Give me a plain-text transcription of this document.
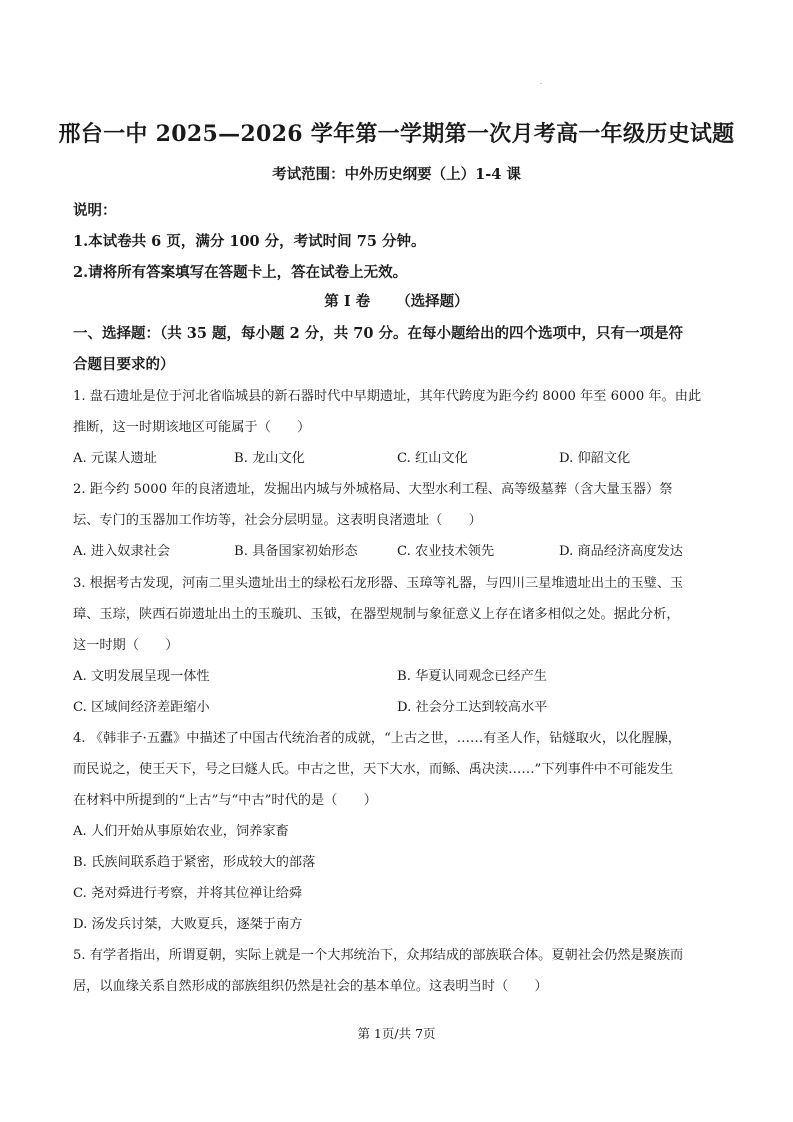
邢台一中 2025—2026 学年第一学期第一次月考高一年级历史试题
考试范围：中外历史纲要（上）1-4 课
说明：
1.本试卷共 6 页，满分 100 分，考试时间 75 分钟。
2.请将所有答案填写在答题卡上，答在试卷上无效。
第 I 卷 （选择题）
一、选择题：（共 35 题，每小题 2 分，共 70 分。在每小题给出的四个选项中，只有一项是符
合题目要求的）
1. 盘石遗址是位于河北省临城县的新石器时代中早期遗址，其年代跨度为距今约 8000 年至 6000 年。由此
推断，这一时期该地区可能属于（　　）
A. 元谋人遗址	B. 龙山文化	C. 红山文化	D. 仰韶文化
2. 距今约 5000 年的良渚遗址，发掘出内城与外城格局、大型水利工程、高等级墓葬（含大量玉器）祭
坛、专门的玉器加工作坊等，社会分层明显。这表明良渚遗址（　　）
A. 进入奴隶社会	B. 具备国家初始形态	C. 农业技术领先	D. 商品经济高度发达
3. 根据考古发现，河南二里头遗址出土的绿松石龙形器、玉璋等礼器，与四川三星堆遗址出土的玉璧、玉
璋、玉琮，陕西石峁遗址出土的玉璇玑、玉钺，在器型规制与象征意义上存在诸多相似之处。据此分析，
这一时期（　　）
A. 文明发展呈现一体性	B. 华夏认同观念已经产生
C. 区域间经济差距缩小	D. 社会分工达到较高水平
4. 《韩非子·五蠹》中描述了中国古代统治者的成就，“上古之世，……有圣人作，钻燧取火，以化腥臊，
而民说之，使王天下，号之曰燧人氏。中古之世，天下大水，而鲧、禹决渎……”下列事件中不可能发生
在材料中所提到的“上古”与“中古”时代的是（　　）
A. 人们开始从事原始农业，饲养家畜
B. 氏族间联系趋于紧密，形成较大的部落
C. 尧对舜进行考察，并将其位禅让给舜
D. 汤发兵讨桀，大败夏兵，逐桀于南方
5. 有学者指出，所谓夏朝，实际上就是一个大邦统治下，众邦结成的部族联合体。夏朝社会仍然是聚族而
居，以血缘关系自然形成的部族组织仍然是社会的基本单位。这表明当时（　　）
第 1页/共 7页
